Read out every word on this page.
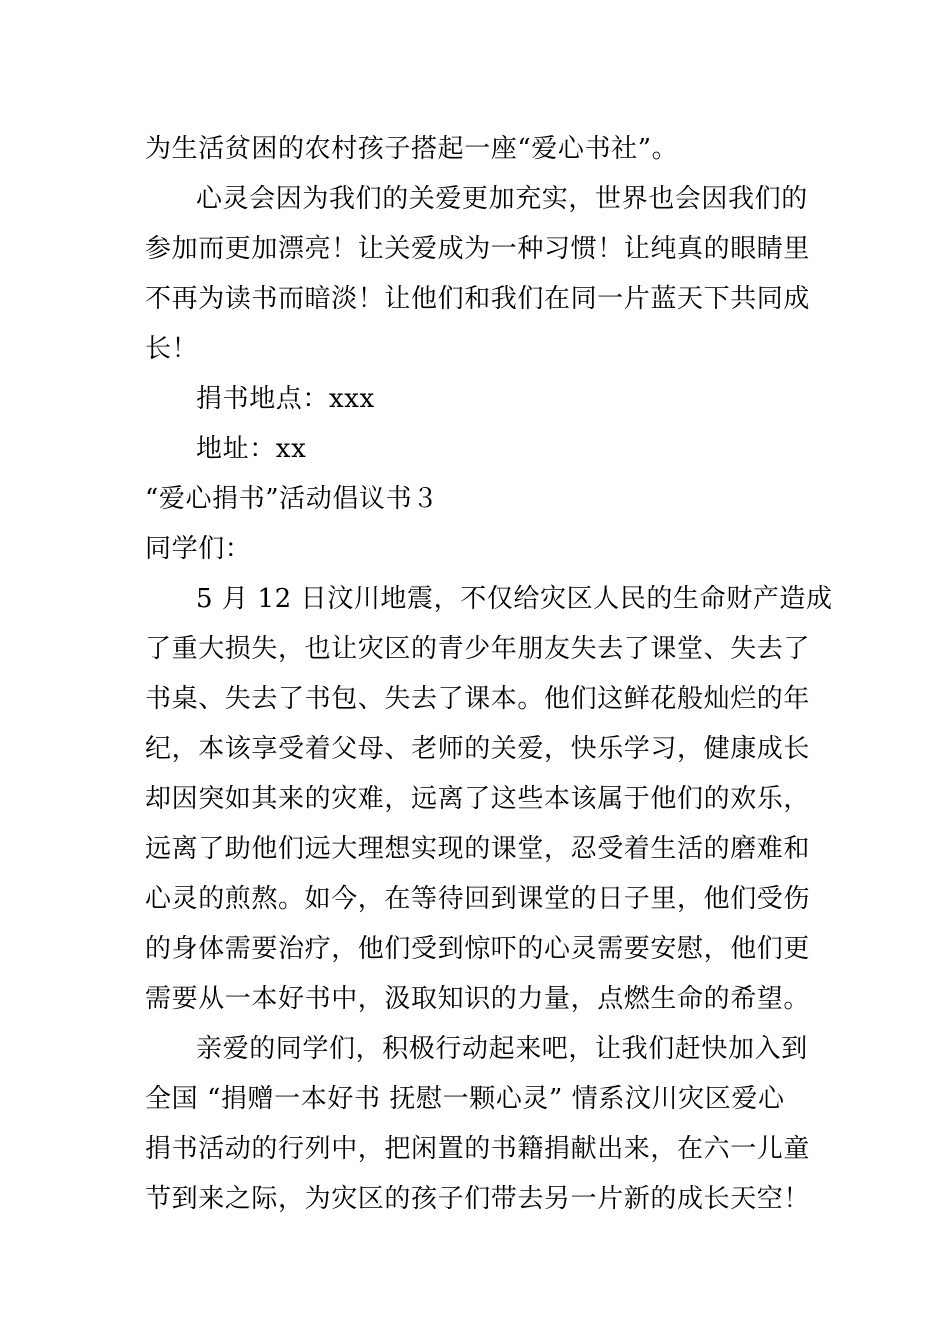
为生活贫困的农村孩子搭起一座“爱心书社”。
心灵会因为我们的关爱更加充实，世界也会因我们的
参加而更加漂亮！让关爱成为一种习惯！让纯真的眼睛里
不再为读书而暗淡！让他们和我们在同一片蓝天下共同成
长！
捐书地点：xxx
地址：xx
“爱心捐书”活动倡议书３
同学们：
5 月 12 日汶川地震，不仅给灾区人民的生命财产造成
了重大损失，也让灾区的青少年朋友失去了课堂、失去了
书桌、失去了书包、失去了课本。他们这鲜花般灿烂的年
纪，本该享受着父母、老师的关爱，快乐学习，健康成长
却因突如其来的灾难，远离了这些本该属于他们的欢乐，
远离了助他们远大理想实现的课堂，忍受着生活的磨难和
心灵的煎熬。如今，在等待回到课堂的日子里，他们受伤
的身体需要治疗，他们受到惊吓的心灵需要安慰，他们更
需要从一本好书中，汲取知识的力量，点燃生命的希望。
亲爱的同学们，积极行动起来吧，让我们赶快加入到
全国 “捐赠一本好书 抚慰一颗心灵” 情系汶川灾区爱心
捐书活动的行列中，把闲置的书籍捐献出来，在六一儿童
节到来之际，为灾区的孩子们带去另一片新的成长天空！
